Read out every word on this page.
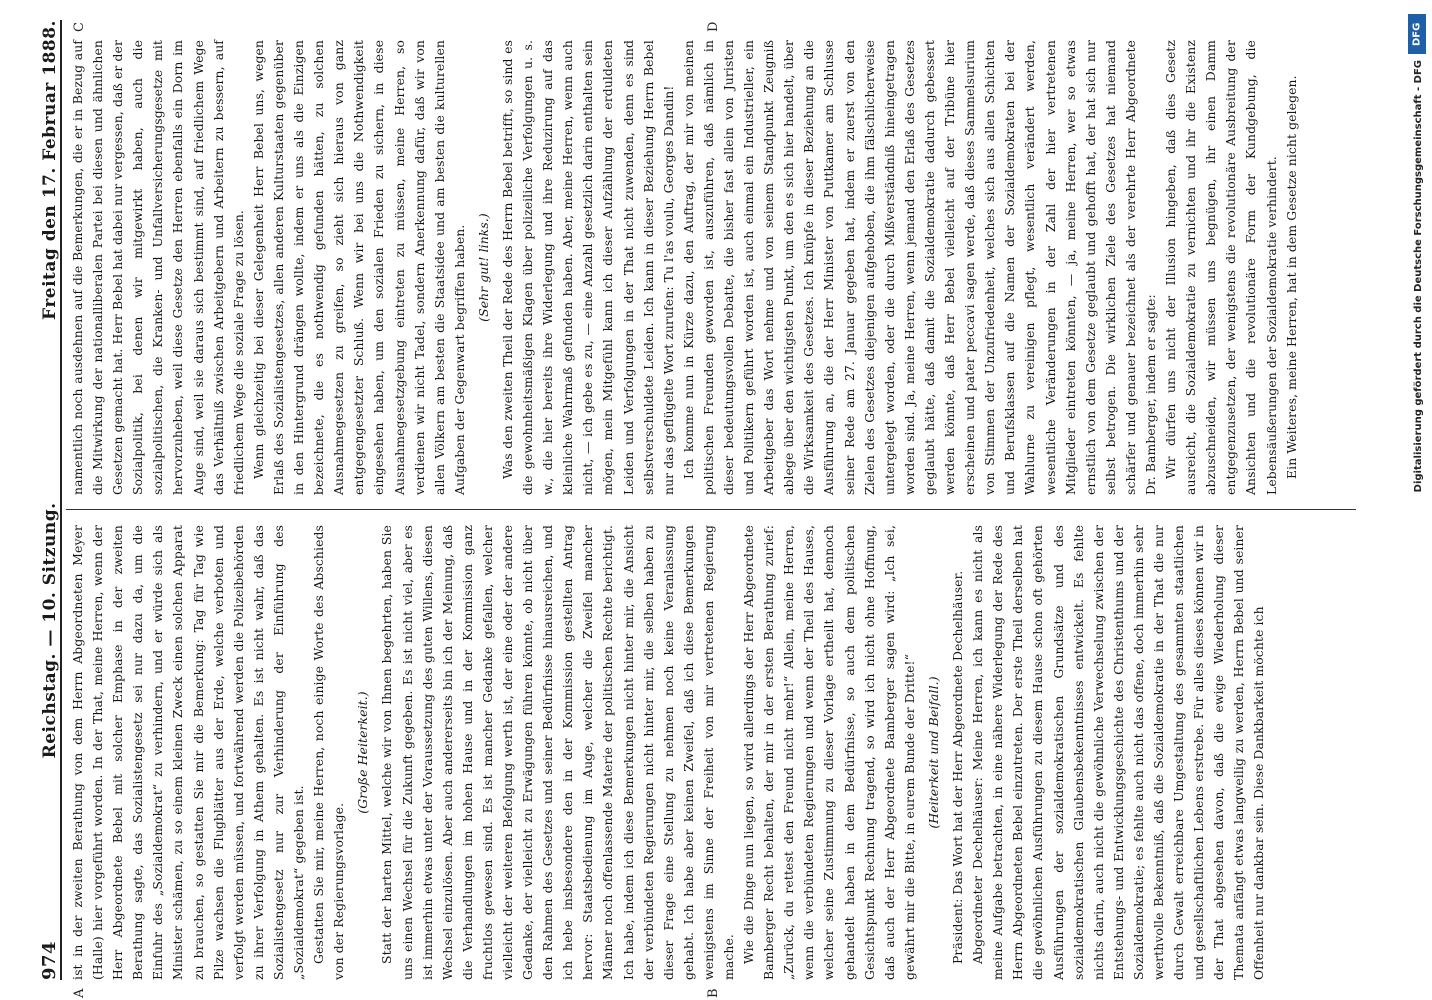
974
Reichstag. — 10. Sitzung.
Freitag den 17. Februar 1888.
A	B
C	D

ist in der zweiten Berathung von dem Herrn Abgeordneten Meyer (Halle) hier vorgeführt worden. In der That, meine Herren, wenn der Herr Abgeordnete Bebel mit solcher Emphase in der zweiten Berathung sagte, das Sozialistengesetz sei nur dazu da, um die Einfuhr des „Sozialdemokrat“ zu verhindern, und er würde sich als Minister schämen, zu so einem kleinen Zweck einen solchen Apparat zu brauchen, so gestatten Sie mir die Bemerkung: Tag für Tag wie Pilze wachsen die Flugblätter aus der Erde, welche verboten und verfolgt werden müssen, und fortwährend werden die Polizeibehörden zu ihrer Verfolgung in Athem gehalten. Es ist nicht wahr, daß das Sozialistengesetz nur zur Verhinderung der Einführung des „Sozialdemokrat“ gegeben ist. Gestatten Sie mir, meine Herren, noch einige Worte des Abschieds von der Regierungsvorlage.

(Große Heiterkeit.) Statt der harten Mittel, welche wir von Ihnen begehrten, haben Sie uns einen Wechsel für die Zukunft gegeben. Es ist nicht viel, aber es ist immerhin etwas unter der Voraussetzung des guten Willens, diesen Wechsel einzulösen. Aber auch andererseits bin ich der Meinung, daß die Verhandlungen im hohen Hause und in der Kommission ganz fruchtlos gewesen sind. Es ist mancher Gedanke gefallen, welcher vielleicht der weiteren Befolgung werth ist, der eine oder der andere Gedanke, der vielleicht zu Erwägungen führen könnte, ob nicht über den Rahmen des Gesetzes und seiner Bedürfnisse hinausreichen, und ich hebe insbesondere den in der Kommission gestellten Antrag hervor: Staatsbedienung im Auge, welcher die Zweifel mancher Männer noch offenlassende Materie der politischen Rechte berichtigt. Ich habe, indem ich diese Bemerkungen nicht hinter mir, die Ansicht der verbündeten Regierungen nicht hinter mir, die selben haben zu dieser Frage eine Stellung zu nehmen noch keine Veranlassung gehabt. Ich habe aber keinen Zweifel, daß ich diese Bemerkungen wenigstens im Sinne der Freiheit von mir vertretenen Regierung mache. Wie die Dinge nun liegen, so wird allerdings der Herr Abgeordnete Bamberger Recht behalten, der mir in der ersten Berathung zurief: „Zurück, du rettest den Freund nicht mehr!“ Allein, meine Herren, wenn die verbündeten Regierungen und wenn der Theil des Hauses, welcher seine Zustimmung zu dieser Vorlage ertheilt hat, dennoch gehandelt haben in dem Bedürfnisse, so auch dem politischen Gesichtspunkt Rechnung tragend, so wird ich nicht ohne Hoffnung, daß auch der Herr Abgeordnete Bamberger sagen wird: „Ich sei, gewährt mir die Bitte, in eurem Bunde der Dritte!“ (Heiterkeit und Beifall.) Präsident: Das Wort hat der Herr Abgeordnete Dechelhäuser. Abgeordneter Dechelhäuser: Meine Herren, ich kann es nicht als meine Aufgabe betrachten, in eine nähere Widerlegung der Rede des Herrn Abgeordneten Bebel einzutreten. Der erste Theil derselben hat die gewöhnlichen Ausführungen zu diesem Hause schon oft gehörten Ausführungen der sozialdemokratischen Grundsätze und des sozialdemokratischen Glaubensbekenntnisses entwickelt. Es fehlte nichts darin, auch nicht die gewöhnliche Verwechselung zwischen der Entstehungs- und Entwicklungsgeschichte des Christenthums und der Sozialdemokratie; es fehlte auch nicht das offene, doch immerhin sehr werthvolle Bekenntniß, daß die Sozialdemokratie in der That die nur durch Gewalt erreichbare Umgestaltung des gesammten staatlichen und gesellschaftlichen Lebens erstrebe. Für alles dieses können wir in der That abgesehen davon, daß die ewige Wiederholung dieser Themata anfängt etwas langweilig zu werden, Herrn Bebel und seiner Offenheit nur dankbar sein. Diese Dankbarkeit möchte ich

namentlich noch ausdehnen auf die Bemerkungen, die er in Bezug auf die Mitwirkung der nationalliberalen Partei bei diesen und ähnlichen Gesetzen gemacht hat. Herr Bebel hat dabei nur vergessen, daß er der Sozialpolitik, bei denen wir mitgewirkt haben, auch die sozialpolitischen, die Kranken- und Unfallversicherungsgesetze mit hervorzuheben, weil diese Gesetze den Herren ebenfalls ein Dorn im Auge sind, weil sie daraus sich bestimmt sind, auf friedlichem Wege das Verhältniß zwischen Arbeitgebern und Arbeitern zu bessern, auf friedlichem Wege die soziale Frage zu lösen. Wenn gleichzeitig bei dieser Gelegenheit Herr Bebel uns, wegen Erlaß des Sozialistengesetzes, allen anderen Kulturstaaten gegenüber in den Hintergrund drängen wollte, indem er uns als die Einzigen bezeichnete, die es nothwendig gefunden hätten, zu solchen Ausnahmegesetzen zu greifen, so zieht sich hieraus von ganz entgegengesetzter Schluß. Wenn wir bei uns die Nothwendigkeit eingesehen haben, um den sozialen Frieden zu sichern, in diese Ausnahmegesetzgebung eintreten zu müssen, meine Herren, so verdienen wir nicht Tadel, sondern Anerkennung dafür, daß wir von allen Völkern am besten die Staatsidee und am besten die kulturellen Aufgaben der Gegenwart begriffen haben. (Sehr gut! links.) Was den zweiten Theil der Rede des Herrn Bebel betrifft, so sind es die gewohnheitsmäßigen Klagen über polizeiliche Verfolgungen u. s. w., die hier bereits ihre Widerlegung und ihre Reduzirung auf das kleinliche Wahrmaß gefunden haben. Aber, meine Herren, wenn auch nicht, — ich gebe es zu, — eine Anzahl gesetzlich darin enthalten sein mögen, mein Mitgefühl kann ich dieser Aufzählung der erduldeten Leiden und Verfolgungen in der That nicht zuwenden, denn es sind selbstverschuldete Leiden. Ich kann in dieser Beziehung Herrn Bebel nur das geflügelte Wort zurufen: Tu l'as voulu, Georges Dandin! Ich komme nun in Kürze dazu, den Auftrag, der mir von meinen politischen Freunden geworden ist, auszuführen, daß nämlich in dieser bedeutungsvollen Debatte, die bisher fast allein von Juristen und Politikern geführt worden ist, auch einmal ein Industrieller, ein Arbeitgeber das Wort nehme und von seinem Standpunkt Zeugniß ablege über den wichtigsten Punkt, um den es sich hier handelt, über die Wirksamkeit des Gesetzes. Ich knüpfe in dieser Beziehung an die Ausführung an, die der Herr Minister von Puttkamer am Schlusse seiner Rede am 27. Januar gegeben hat, indem er zuerst von den Zielen des Gesetzes diejenigen aufgehoben, die ihm fälschlicherweise untergelegt worden, oder die durch Mißverständniß hineingetragen worden sind. Ja, meine Herren, wenn jemand den Erlaß des Gesetzes geglaubt hätte, daß damit die Sozialdemokratie dadurch gebessert werden könnte, daß Herr Bebel vielleicht auf der Tribüne hier erscheinen und pater peccavi sagen werde, daß dieses Sammelsurium von Stimmen der Unzufriedenheit, welches sich aus allen Schichten und Berufsklassen auf die Namen der Sozialdemokraten bei der Wahlurne zu vereinigen pflegt, wesentlich verändert werden, wesentliche Veränderungen in der Zahl der hier vertretenen Mitglieder eintreten könnten, — ja, meine Herren, wer so etwas ernstlich von dem Gesetze geglaubt und gehofft hat, der hat sich nur selbst betrogen. Die wirklichen Ziele des Gesetzes hat niemand schärfer und genauer bezeichnet als der verehrte Herr Abgeordnete Dr. Bamberger, indem er sagte: Wir dürfen uns nicht der Illusion hingeben, daß dies Gesetz ausreicht, die Sozialdemokratie zu vernichten und ihr die Existenz abzuschneiden, wir müssen uns begnügen, ihr einen Damm entgegenzusetzen, der wenigstens die revolutionäre Ausbreitung der Ansichten und die revolutionäre Form der Kundgebung, die Lebensäußerungen der Sozialdemokratie verhindert. Ein Weiteres, meine Herren, hat in dem Gesetze nicht gelegen.

DFG
Digitalisierung gefördert durch die Deutsche Forschungsgemeinschaft - DFG
